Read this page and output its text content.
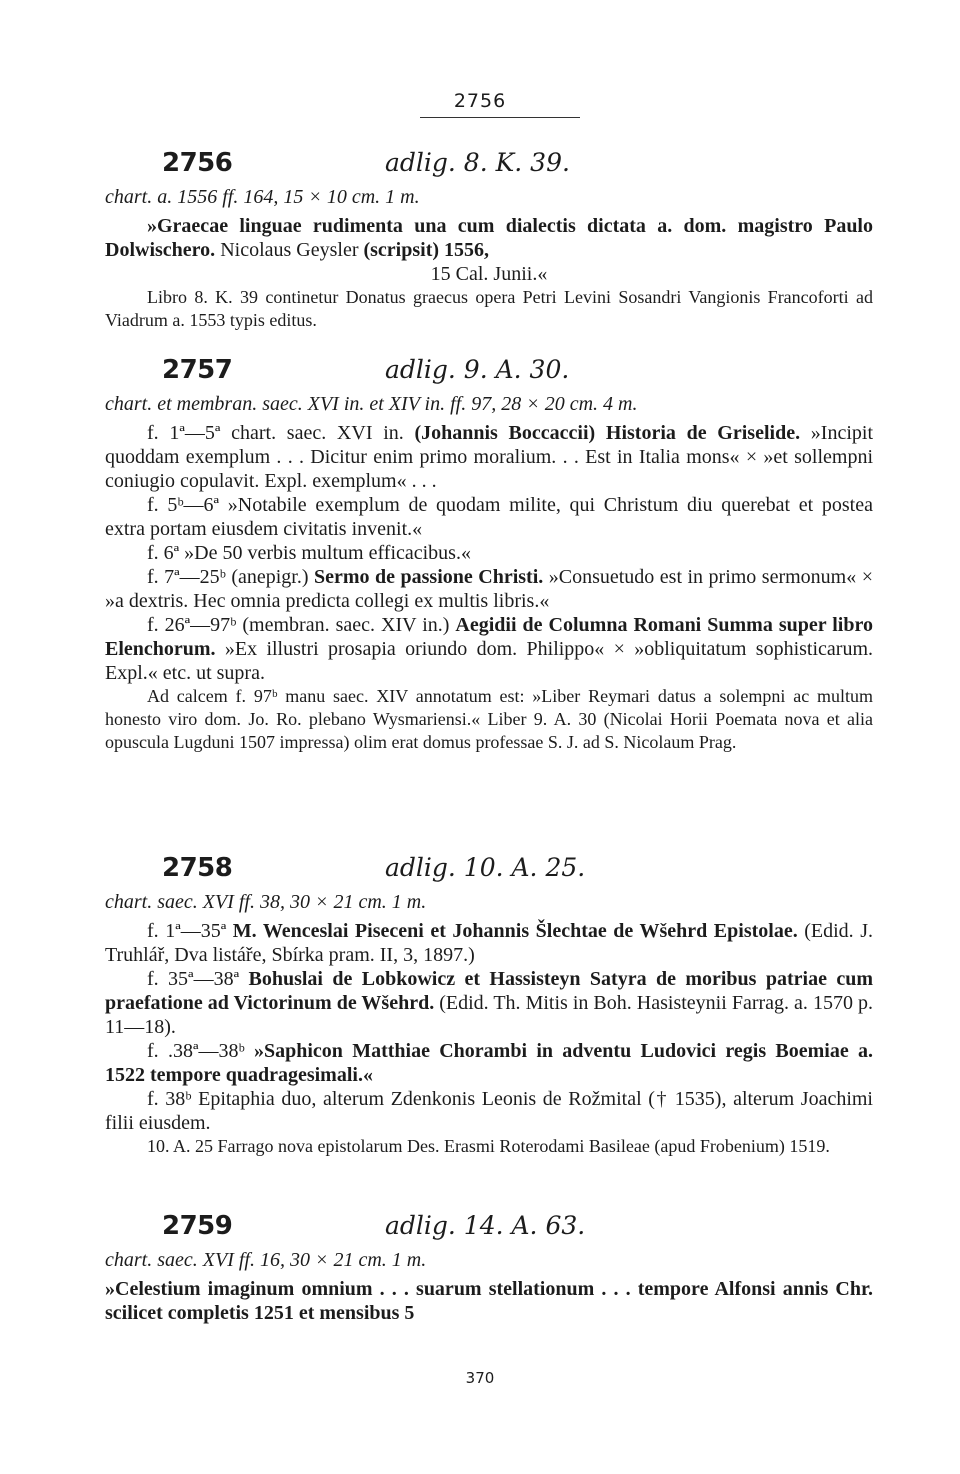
2756
2756	adlig. 8. K. 39.

chart. a. 1556 ff. 164, 15 × 10 cm. 1 m.

»Graecae linguae rudimenta una cum dialectis dictata a. dom. magistro Paulo Dolwischero. Nicolaus Geysler (scripsit) 1556,

15 Cal. Junii.«

Libro 8. K. 39 continetur Donatus graecus opera Petri Levini Sosandri Vangionis Francoforti ad Viadrum a. 1553 typis editus.

2757	adlig. 9. A. 30.

chart. et membran. saec. XVI in. et XIV in. ff. 97, 28 × 20 cm. 4 m.

f. 1ª—5ª chart. saec. XVI in. (Johannis Boccaccii) Historia de Griselide. »Incipit quoddam exemplum . . . Dicitur enim primo moralium. . . Est in Italia mons« × »et sollempni coniugio copulavit. Expl. exemplum« . . .

f. 5ᵇ—6ª »Notabile exemplum de quodam milite, qui Christum diu querebat et postea extra portam eiusdem civitatis invenit.«

f. 6ª »De 50 verbis multum efficacibus.«

f. 7ª—25ᵇ (anepigr.) Sermo de passione Christi. »Consuetudo est in primo sermonum« × »a dextris. Hec omnia predicta collegi ex multis libris.«

f. 26ª—97ᵇ (membran. saec. XIV in.) Aegidii de Columna Romani Summa super libro Elenchorum. »Ex illustri prosapia oriundo dom. Philippo« × »obliquitatum sophisticarum. Expl.« etc. ut supra.

Ad calcem f. 97ᵇ manu saec. XIV annotatum est: »Liber Reymari datus a solempni ac multum honesto viro dom. Jo. Ro. plebano Wysmariensi.« Liber 9. A. 30 (Nicolai Horii Poemata nova et alia opuscula Lugduni 1507 impressa) olim erat domus professae S. J. ad S. Nicolaum Prag.

2758	adlig. 10. A. 25.

chart. saec. XVI ff. 38, 30 × 21 cm. 1 m.

f. 1ª—35ª M. Wenceslai Piseceni et Johannis Šlechtae de Wšehrd Epistolae. (Edid. J. Truhlář, Dva listáře, Sbírka pram. II, 3, 1897.)

f. 35ª—38ª Bohuslai de Lobkowicz et Hassisteyn Satyra de moribus patriae cum praefatione ad Victorinum de Wšehrd. (Edid. Th. Mitis in Boh. Hasisteynii Farrag. a. 1570 p. 11—18).

f. .38ª—38ᵇ »Saphicon Matthiae Chorambi in adventu Ludovici regis Boemiae a. 1522 tempore quadragesimali.«

f. 38ᵇ Epitaphia duo, alterum Zdenkonis Leonis de Rožmital († 1535), alterum Joachimi filii eiusdem.

10. A. 25 Farrago nova epistolarum Des. Erasmi Roterodami Basileae (apud Frobenium) 1519.

2759	adlig. 14. A. 63.

chart. saec. XVI ff. 16, 30 × 21 cm. 1 m.

»Celestium imaginum omnium . . . suarum stellationum . . . tempore Alfonsi annis Chr. scilicet completis 1251 et mensibus 5

370
